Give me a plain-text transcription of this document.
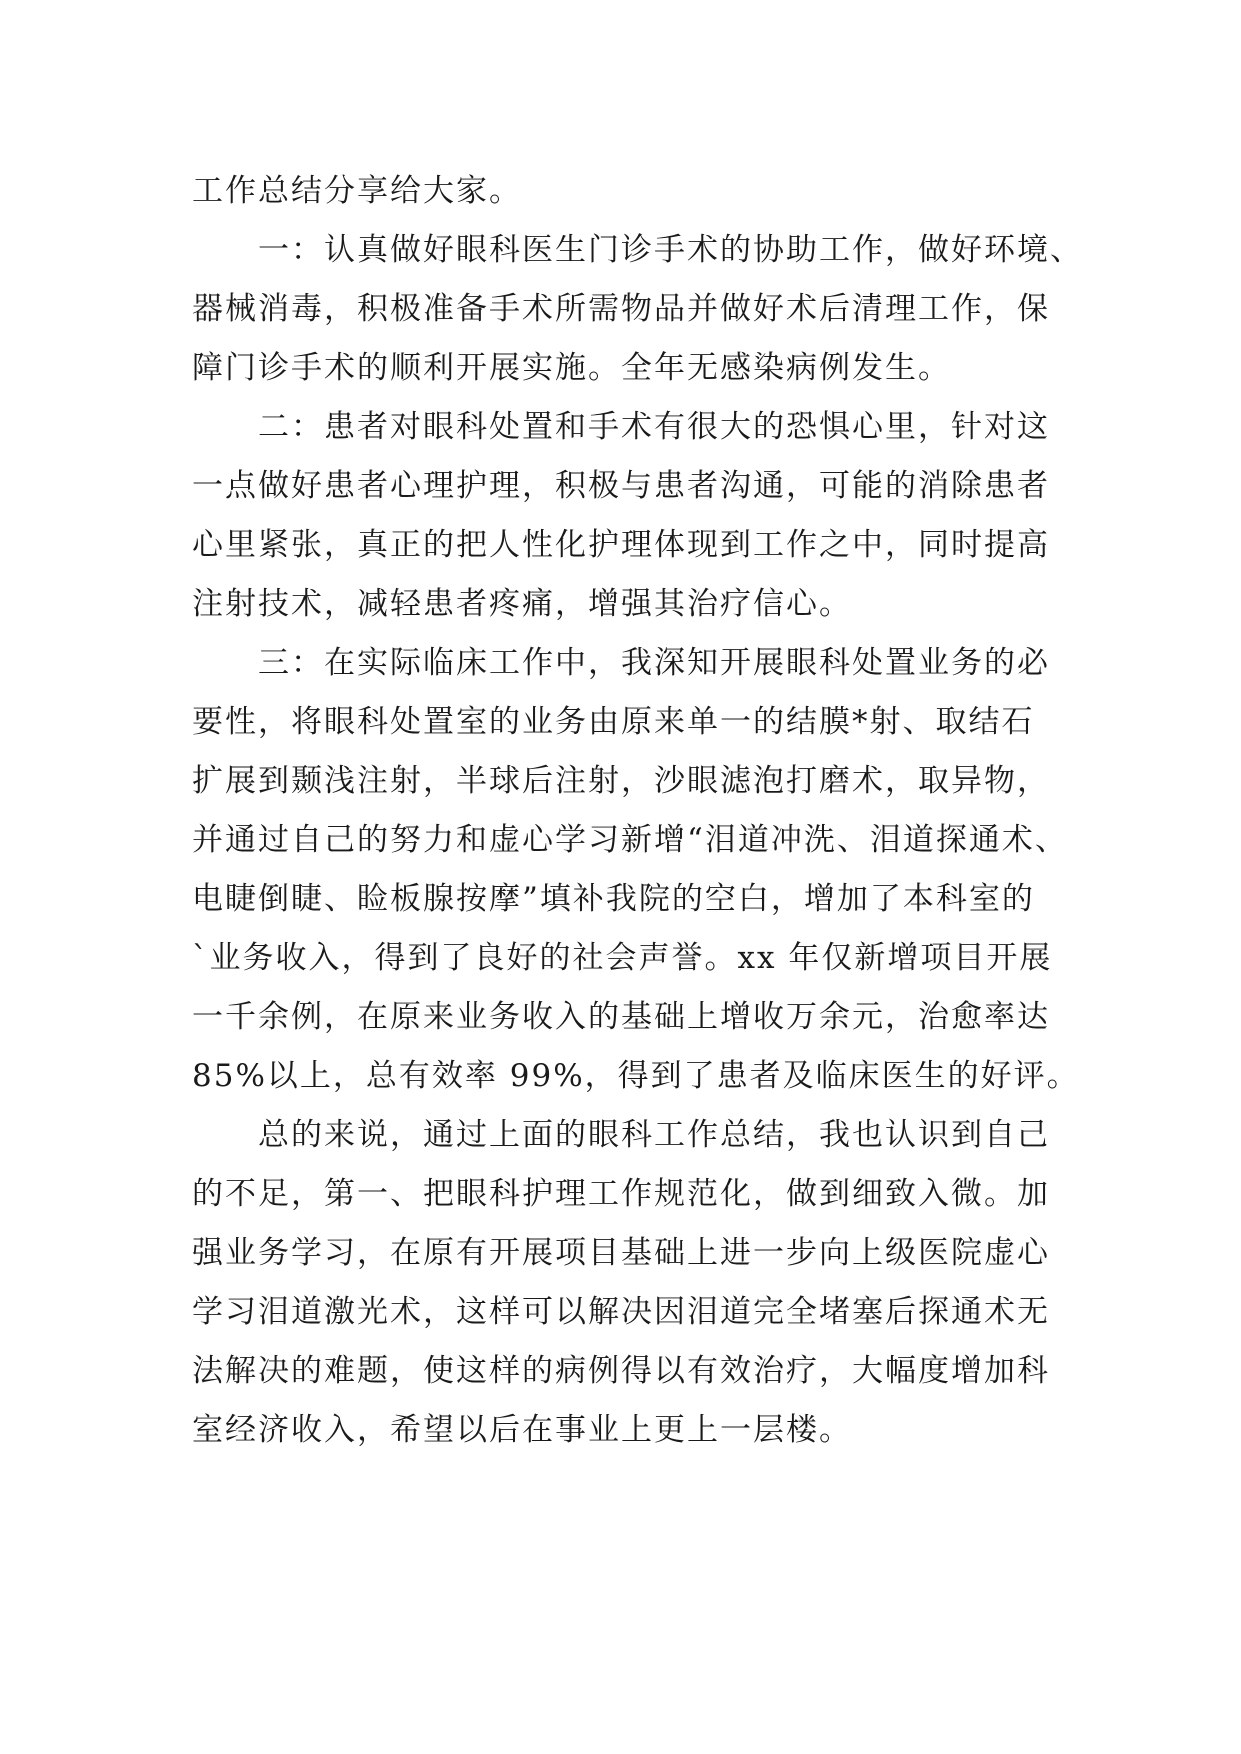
工作总结分享给大家。
一：认真做好眼科医生门诊手术的协助工作，做好环境、
器械消毒，积极准备手术所需物品并做好术后清理工作，保
障门诊手术的顺利开展实施。全年无感染病例发生。
二：患者对眼科处置和手术有很大的恐惧心里，针对这
一点做好患者心理护理，积极与患者沟通，可能的消除患者
心里紧张，真正的把人性化护理体现到工作之中，同时提高
注射技术，减轻患者疼痛，增强其治疗信心。
三：在实际临床工作中，我深知开展眼科处置业务的必
要性，将眼科处置室的业务由原来单一的结膜*射、取结石
扩展到颞浅注射，半球后注射，沙眼滤泡打磨术，取异物，
并通过自己的努力和虚心学习新增“泪道冲洗、泪道探通术、
电睫倒睫、睑板腺按摩”填补我院的空白，增加了本科室的
`业务收入，得到了良好的社会声誉。xx 年仅新增项目开展
一千余例，在原来业务收入的基础上增收万余元，治愈率达
85%以上，总有效率 99%，得到了患者及临床医生的好评。
总的来说，通过上面的眼科工作总结，我也认识到自己
的不足，第一、把眼科护理工作规范化，做到细致入微。加
强业务学习，在原有开展项目基础上进一步向上级医院虚心
学习泪道激光术，这样可以解决因泪道完全堵塞后探通术无
法解决的难题，使这样的病例得以有效治疗，大幅度增加科
室经济收入，希望以后在事业上更上一层楼。
